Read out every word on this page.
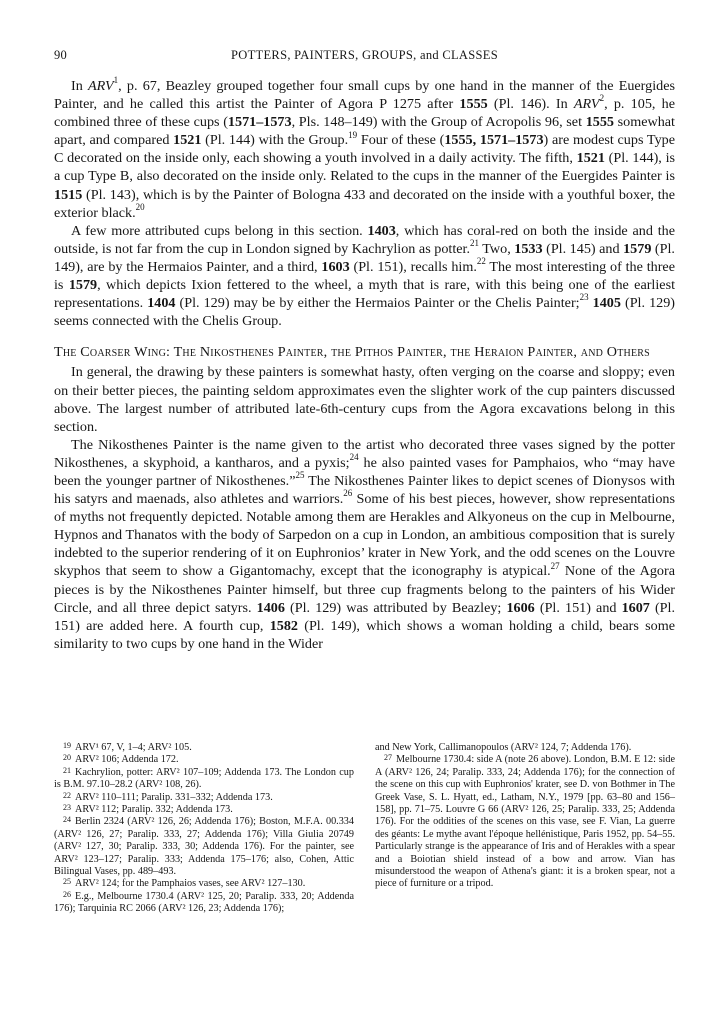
90	POTTERS, PAINTERS, GROUPS, and CLASSES

In ARV$^1$, p. 67, Beazley grouped together four small cups by one hand in the manner of the Euergides Painter, and he called this artist the Painter of Agora P 1275 after 1555 (Pl. 146). In ARV$^2$, p. 105, he combined three of these cups (1571–1573, Pls. 148–149) with the Group of Acropolis 96, set 1555 somewhat apart, and compared 1521 (Pl. 144) with the Group.$^{19}$ Four of these (1555, 1571–1573) are modest cups Type C decorated on the inside only, each showing a youth involved in a daily activity. The fifth, 1521 (Pl. 144), is a cup Type B, also decorated on the inside only. Related to the cups in the manner of the Euergides Painter is 1515 (Pl. 143), which is by the Painter of Bologna 433 and decorated on the inside with a youthful boxer, the exterior black.$^{20}$

A few more attributed cups belong in this section. 1403, which has coral-red on both the inside and the outside, is not far from the cup in London signed by Kachrylion as potter.$^{21}$ Two, 1533 (Pl. 145) and 1579 (Pl. 149), are by the Hermaios Painter, and a third, 1603 (Pl. 151), recalls him.$^{22}$ The most interesting of the three is 1579, which depicts Ixion fettered to the wheel, a myth that is rare, with this being one of the earliest representations. 1404 (Pl. 129) may be by either the Hermaios Painter or the Chelis Painter;$^{23}$ 1405 (Pl. 129) seems connected with the Chelis Group.

The Coarser Wing: The Nikosthenes Painter, the Pithos Painter, the Heraion Painter, and Others

In general, the drawing by these painters is somewhat hasty, often verging on the coarse and sloppy; even on their better pieces, the painting seldom approximates even the slighter work of the cup painters discussed above. The largest number of attributed late-6th-century cups from the Agora excavations belong in this section.

The Nikosthenes Painter is the name given to the artist who decorated three vases signed by the potter Nikosthenes, a skyphoid, a kantharos, and a pyxis;$^{24}$ he also painted vases for Pamphaios, who “may have been the younger partner of Nikosthenes.”$^{25}$ The Nikosthenes Painter likes to depict scenes of Dionysos with his satyrs and maenads, also athletes and warriors.$^{26}$ Some of his best pieces, however, show representations of myths not frequently depicted. Notable among them are Herakles and Alkyoneus on the cup in Melbourne, Hypnos and Thanatos with the body of Sarpedon on a cup in London, an ambitious composition that is surely indebted to the superior rendering of it on Euphronios’ krater in New York, and the odd scenes on the Louvre skyphos that seem to show a Gigantomachy, except that the iconography is atypical.$^{27}$ None of the Agora pieces is by the Nikosthenes Painter himself, but three cup fragments belong to the painters of his Wider Circle, and all three depict satyrs. 1406 (Pl. 129) was attributed by Beazley; 1606 (Pl. 151) and 1607 (Pl. 151) are added here. A fourth cup, 1582 (Pl. 149), which shows a woman holding a child, bears some similarity to two cups by one hand in the Wider

19 ARV¹ 67, V, 1–4; ARV² 105.

20 ARV² 106; Addenda 172.

21 Kachrylion, potter: ARV² 107–109; Addenda 173. The London cup is B.M. 97.10–28.2 (ARV² 108, 26).

22 ARV² 110–111; Paralip. 331–332; Addenda 173.

23 ARV² 112; Paralip. 332; Addenda 173.

24 Berlin 2324 (ARV² 126, 26; Addenda 176); Boston, M.F.A. 00.334 (ARV² 126, 27; Paralip. 333, 27; Addenda 176); Villa Giulia 20749 (ARV² 127, 30; Paralip. 333, 30; Addenda 176). For the painter, see ARV² 123–127; Paralip. 333; Addenda 175–176; also, Cohen, Attic Bilingual Vases, pp. 489–493.

25 ARV² 124; for the Pamphaios vases, see ARV² 127–130.

26 E.g., Melbourne 1730.4 (ARV² 125, 20; Paralip. 333, 20; Addenda 176); Tarquinia RC 2066 (ARV² 126, 23; Addenda 176);

and New York, Callimanopoulos (ARV² 124, 7; Addenda 176).

27 Melbourne 1730.4: side A (note 26 above). London, B.M. E 12: side A (ARV² 126, 24; Paralip. 333, 24; Addenda 176); for the connection of the scene on this cup with Euphronios' krater, see D. von Bothmer in The Greek Vase, S. L. Hyatt, ed., Latham, N.Y., 1979 [pp. 63–80 and 156–158], pp. 71–75. Louvre G 66 (ARV² 126, 25; Paralip. 333, 25; Addenda 176). For the oddities of the scenes on this vase, see F. Vian, La guerre des géants: Le mythe avant l'époque hellénistique, Paris 1952, pp. 54–55. Particularly strange is the appearance of Iris and of Herakles with a spear and a Boiotian shield instead of a bow and arrow. Vian has misunderstood the weapon of Athena's giant: it is a broken spear, not a piece of furniture or a tripod.
